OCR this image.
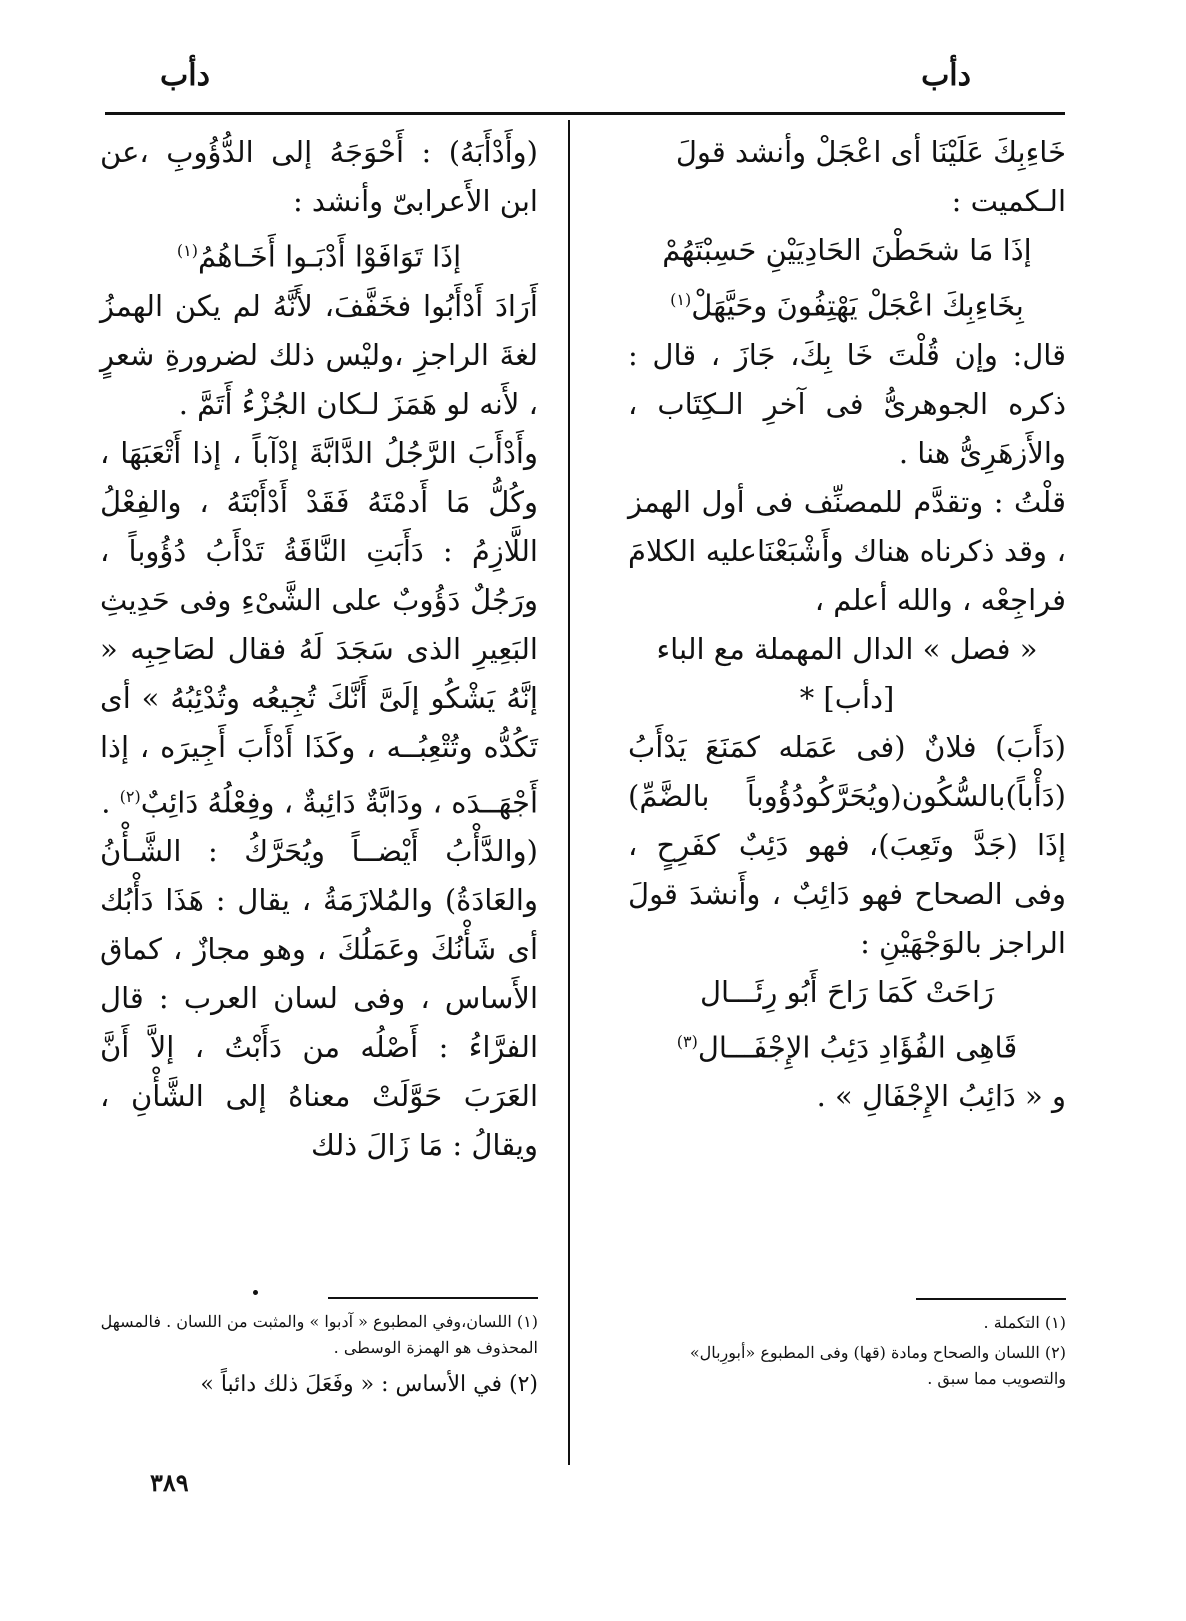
دأب
دأب

خَاءِبِكَ عَلَيْنَا أى اعْجَلْ وأنشد قولَ

الـكميت :

إذَا مَا شحَطْنَ الحَادِيَيْنِ حَسِبْتَهُمْ

بِخَاءِبِكَ اعْجَلْ يَهْتِفُونَ وحَيَّهَلْ$^{(١)}$

قال: وإن قُلْتَ خَا بِكَ، جَازَ ، قال : ذكره الجوهرىُّ فى آخرِ الـكِتَاب ، والأَزهَرِىُّ هنا .

قلْتُ : وتقدَّم للمصنِّف فى أول الهمز ، وقد ذكرناه هناك وأَشْبَعْنَاعليه الكلامَ فراجِعْه ، والله أعلم ،

« فصل » الدال المهملة مع الباء

[دأب] *

(دَأَبَ) فلانٌ (فى عَمَله كمَنَعَ يَدْأَبُ (دَأْباً)بالسُّكُون(ويُحَرَّكُودُؤُوباً بالضَّمِّ) إذَا (جَدَّ وتَعِبَ)، فهو دَئِبٌ كفَرِحٍ ، وفى الصحاح فهو دَائِبٌ ، وأَنشدَ قولَ الراجز بالوَجْهَيْنِ :

رَاحَتْ كَمَا رَاحَ أَبُو رِئَـــال

قَاهِى الفُؤَادِ دَئِبُ الإِجْفَـــال$^{(٣)}$

و « دَائِبُ الإِجْفَالِ » .

(وأَدْأَبَهُ) : أَحْوَجَهُ إلى الدُّؤُوبِ ،عن ابن الأَعرابىّ وأنشد :

إذَا تَوَافَوْا أَدْبَـوا أَخَـاهُمُ$^{(١)}$

أَرَادَ أَدْأَبُوا فخَفَّفَ، لأَنَّهُ لم يكن الهمزُ لغةَ الراجزِ ،وليْس ذلك لضرورةِ شعرٍ ، لأَنه لو هَمَزَ لـكان الجُزْءُ أَتَمَّ .

وأَدْأَبَ الرَّجُلُ الدَّابَّةَ إدْآباً ، إذا أَتْعَبَهَا ، وكُلُّ مَا أَدمْتَهُ فَقَدْ أَدْأَبْتَهُ ، والفِعْلُ اللَّازِمُ : دَأَبَتِ النَّاقَةُ تَدْأَبُ دُؤُوباً ، ورَجُلٌ دَؤُوبٌ على الشَّىْءِ وفى حَدِيثِ البَعِيرِ الذى سَجَدَ لَهُ فقال لصَاحِبِه « إنَّهُ يَشْكُو إلَىَّ أَنَّكَ تُجِيعُه وتُدْئِبُهُ » أى تَكُدُّه وتُتْعِبُــه ، وكَذَا أَدْأَبَ أَجِيرَه ، إذا أَجْهَــدَه ، ودَابَّةٌ دَائِبةٌ ، وفِعْلُهُ دَائِبٌ$^{(٢)}$ .

(والدَّأْبُ أَيْضــاً ويُحَرَّكُ : الشَّـأْنُ والعَادَةُ) والمُلازَمَةُ ، يقال : هَذَا دَأْبُك أى شَأْنُكَ وعَمَلُكَ ، وهو مجازٌ ، كماق الأَساس ، وفى لسان العرب : قال الفرَّاءُ : أَصْلُه من دَأَبْتُ ، إلاَّ أَنَّ العَرَبَ حَوَّلَتْ معناهُ إلى الشَّأْنِ ، ويقالُ : مَا زَالَ ذلك

(١) التكملة .

(٢) اللسان والصحاح ومادة (قها) وفى المطبوع «أبورِبال» والتصويب مما سبق .

(١) اللسان،وفي المطبوع « آدبوا » والمثبت من اللسان . فالمسهل المحذوف هو الهمزة الوسطى .

(٢) في الأساس : « وفَعَلَ ذلك دائباً »

٣٨٩
